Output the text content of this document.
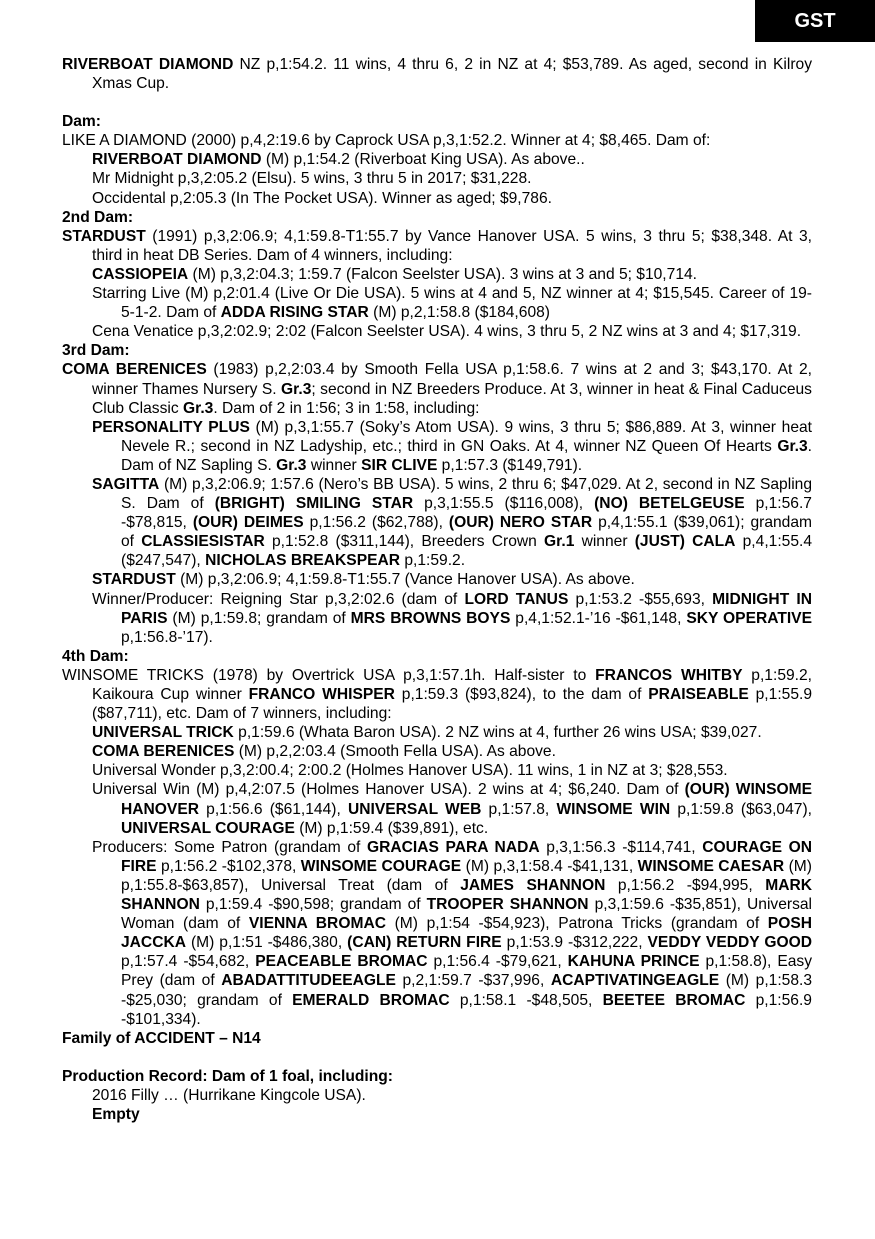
GST

RIVERBOAT DIAMOND NZ p,1:54.2. 11 wins, 4 thru 6, 2 in NZ at 4; $53,789. As aged, second in Kilroy Xmas Cup.

Dam:

LIKE A DIAMOND (2000) p,4,2:19.6 by Caprock USA p,3,1:52.2. Winner at 4; $8,465. Dam of:

RIVERBOAT DIAMOND (M) p,1:54.2 (Riverboat King USA). As above..

Mr Midnight p,3,2:05.2 (Elsu). 5 wins, 3 thru 5 in 2017; $31,228.

Occidental p,2:05.3 (In The Pocket USA). Winner as aged; $9,786.

2nd Dam:

STARDUST (1991) p,3,2:06.9; 4,1:59.8-T1:55.7 by Vance Hanover USA. 5 wins, 3 thru 5; $38,348. At 3, third in heat DB Series. Dam of 4 winners, including:

CASSIOPEIA (M) p,3,2:04.3; 1:59.7 (Falcon Seelster USA). 3 wins at 3 and 5; $10,714.

Starring Live (M) p,2:01.4 (Live Or Die USA). 5 wins at 4 and 5, NZ winner at 4; $15,545. Career of 19-5-1-2. Dam of ADDA RISING STAR (M) p,2,1:58.8 ($184,608)

Cena Venatice p,3,2:02.9; 2:02 (Falcon Seelster USA). 4 wins, 3 thru 5, 2 NZ wins at 3 and 4; $17,319.

3rd Dam:

COMA BERENICES (1983) p,2,2:03.4 by Smooth Fella USA p,1:58.6. 7 wins at 2 and 3; $43,170. At 2, winner Thames Nursery S. Gr.3; second in NZ Breeders Produce. At 3, winner in heat & Final Caduceus Club Classic Gr.3. Dam of 2 in 1:56; 3 in 1:58, including:

PERSONALITY PLUS (M) p,3,1:55.7 (Soky’s Atom USA). 9 wins, 3 thru 5; $86,889. At 3, winner heat Nevele R.; second in NZ Ladyship, etc.; third in GN Oaks. At 4, winner NZ Queen Of Hearts Gr.3. Dam of NZ Sapling S. Gr.3 winner SIR CLIVE p,1:57.3 ($149,791).

SAGITTA (M) p,3,2:06.9; 1:57.6 (Nero’s BB USA). 5 wins, 2 thru 6; $47,029. At 2, second in NZ Sapling S. Dam of (BRIGHT) SMILING STAR p,3,1:55.5 ($116,008), (NO) BETELGEUSE p,1:56.7 -$78,815, (OUR) DEIMES p,1:56.2 ($62,788), (OUR) NERO STAR p,4,1:55.1 ($39,061); grandam of CLASSIESISTAR p,1:52.8 ($311,144), Breeders Crown Gr.1 winner (JUST) CALA p,4,1:55.4 ($247,547), NICHOLAS BREAKSPEAR p,1:59.2.

STARDUST (M) p,3,2:06.9; 4,1:59.8-T1:55.7 (Vance Hanover USA). As above.

Winner/Producer: Reigning Star p,3,2:02.6 (dam of LORD TANUS p,1:53.2 -$55,693, MIDNIGHT IN PARIS (M) p,1:59.8; grandam of MRS BROWNS BOYS p,4,1:52.1-’16 -$61,148, SKY OPERATIVE p,1:56.8-’17).

4th Dam:

WINSOME TRICKS (1978) by Overtrick USA p,3,1:57.1h. Half-sister to FRANCOS WHITBY p,1:59.2, Kaikoura Cup winner FRANCO WHISPER p,1:59.3 ($93,824), to the dam of PRAISEABLE p,1:55.9 ($87,711), etc. Dam of 7 winners, including:

UNIVERSAL TRICK p,1:59.6 (Whata Baron USA). 2 NZ wins at 4, further 26 wins USA; $39,027.

COMA BERENICES (M) p,2,2:03.4 (Smooth Fella USA). As above.

Universal Wonder p,3,2:00.4; 2:00.2 (Holmes Hanover USA). 11 wins, 1 in NZ at 3; $28,553.

Universal Win (M) p,4,2:07.5 (Holmes Hanover USA). 2 wins at 4; $6,240. Dam of (OUR) WINSOME HANOVER p,1:56.6 ($61,144), UNIVERSAL WEB p,1:57.8, WINSOME WIN p,1:59.8 ($63,047), UNIVERSAL COURAGE (M) p,1:59.4 ($39,891), etc.

Producers: Some Patron (grandam of GRACIAS PARA NADA p,3,1:56.3 -$114,741, COURAGE ON FIRE p,1:56.2 -$102,378, WINSOME COURAGE (M) p,3,1:58.4 -$41,131, WINSOME CAESAR (M) p,1:55.8-$63,857), Universal Treat (dam of JAMES SHANNON p,1:56.2 -$94,995, MARK SHANNON p,1:59.4 -$90,598; grandam of TROOPER SHANNON p,3,1:59.6 -$35,851), Universal Woman (dam of VIENNA BROMAC (M) p,1:54 -$54,923), Patrona Tricks (grandam of POSH JACCKA (M) p,1:51 -$486,380, (CAN) RETURN FIRE p,1:53.9 -$312,222, VEDDY VEDDY GOOD p,1:57.4 -$54,682, PEACEABLE BROMAC p,1:56.4 -$79,621, KAHUNA PRINCE p,1:58.8), Easy Prey (dam of ABADATTITUDEEAGLE p,2,1:59.7 -$37,996, ACAPTIVATINGEAGLE (M) p,1:58.3 -$25,030; grandam of EMERALD BROMAC p,1:58.1 -$48,505, BEETEE BROMAC p,1:56.9 -$101,334).

Family of ACCIDENT – N14

Production Record: Dam of 1 foal, including:

2016 Filly … (Hurrikane Kingcole USA).

Empty
